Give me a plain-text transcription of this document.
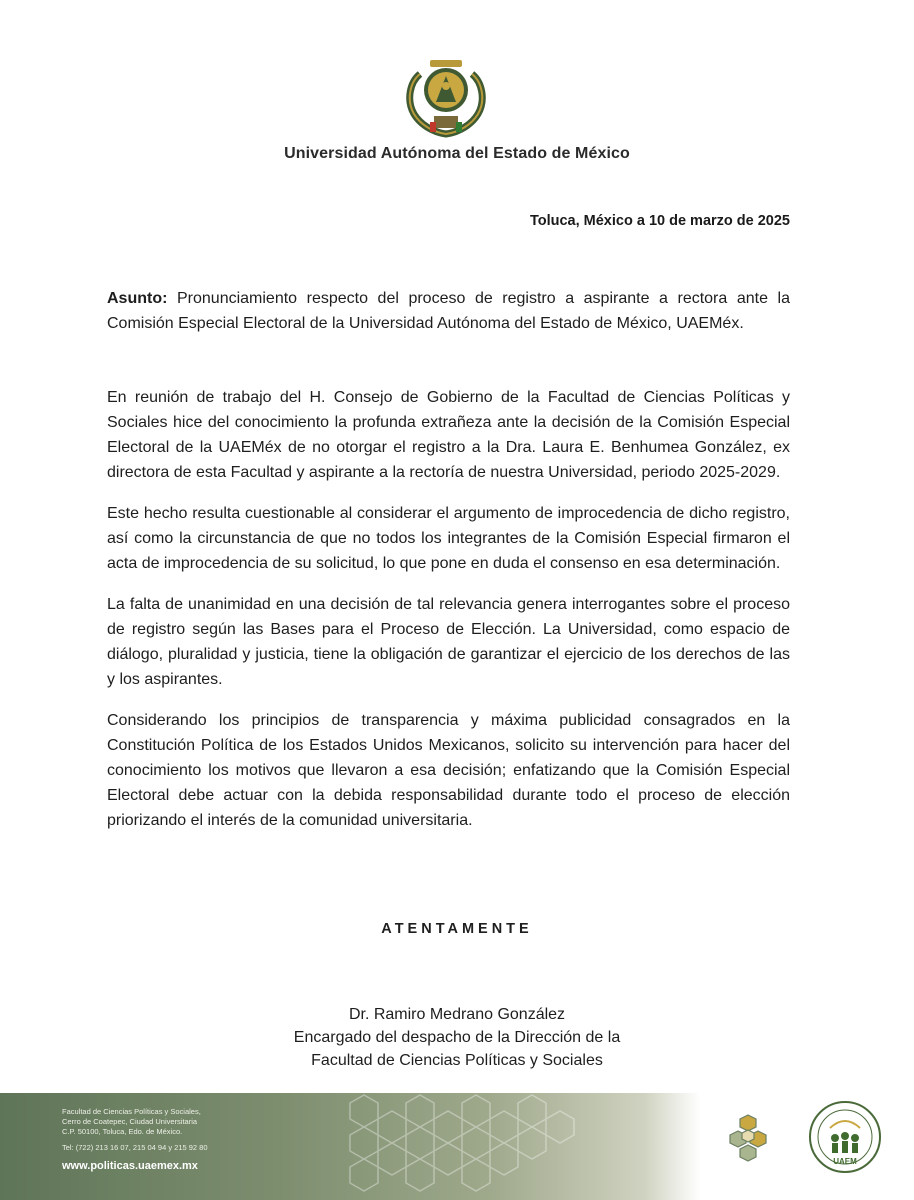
Universidad Autónoma del Estado de México
Toluca, México a 10 de marzo de 2025
Asunto: Pronunciamiento respecto del proceso de registro a aspirante a rectora ante la Comisión Especial Electoral de la Universidad Autónoma del Estado de México, UAEMéx.

En reunión de trabajo del H. Consejo de Gobierno de la Facultad de Ciencias Políticas y Sociales hice del conocimiento la profunda extrañeza ante la decisión de la Comisión Especial Electoral de la UAEMéx de no otorgar el registro a la Dra. Laura E. Benhumea González, ex directora de esta Facultad y aspirante a la rectoría de nuestra Universidad, periodo 2025-2029.

Este hecho resulta cuestionable al considerar el argumento de improcedencia de dicho registro, así como la circunstancia de que no todos los integrantes de la Comisión Especial firmaron el acta de improcedencia de su solicitud, lo que pone en duda el consenso en esa determinación.

La falta de unanimidad en una decisión de tal relevancia genera interrogantes sobre el proceso de registro según las Bases para el Proceso de Elección. La Universidad, como espacio de diálogo, pluralidad y justicia, tiene la obligación de garantizar el ejercicio de los derechos de las y los aspirantes.

Considerando los principios de transparencia y máxima publicidad consagrados en la Constitución Política de los Estados Unidos Mexicanos, solicito su intervención para hacer del conocimiento los motivos que llevaron a esa decisión; enfatizando que la Comisión Especial Electoral debe actuar con la debida responsabilidad durante todo el proceso de elección priorizando el interés de la comunidad universitaria.

ATENTAMENTE
Dr. Ramiro Medrano González
Encargado del despacho de la Dirección de la
Facultad de Ciencias Políticas y Sociales
Facultad de Ciencias Políticas y Sociales,
Cerro de Coatepec, Ciudad Universitaria
C.P. 50100, Toluca, Edo. de México.
Tel: (722) 213 16 07, 215 04 94 y 215 92 80
www.politicas.uaemex.mx	UAEM
